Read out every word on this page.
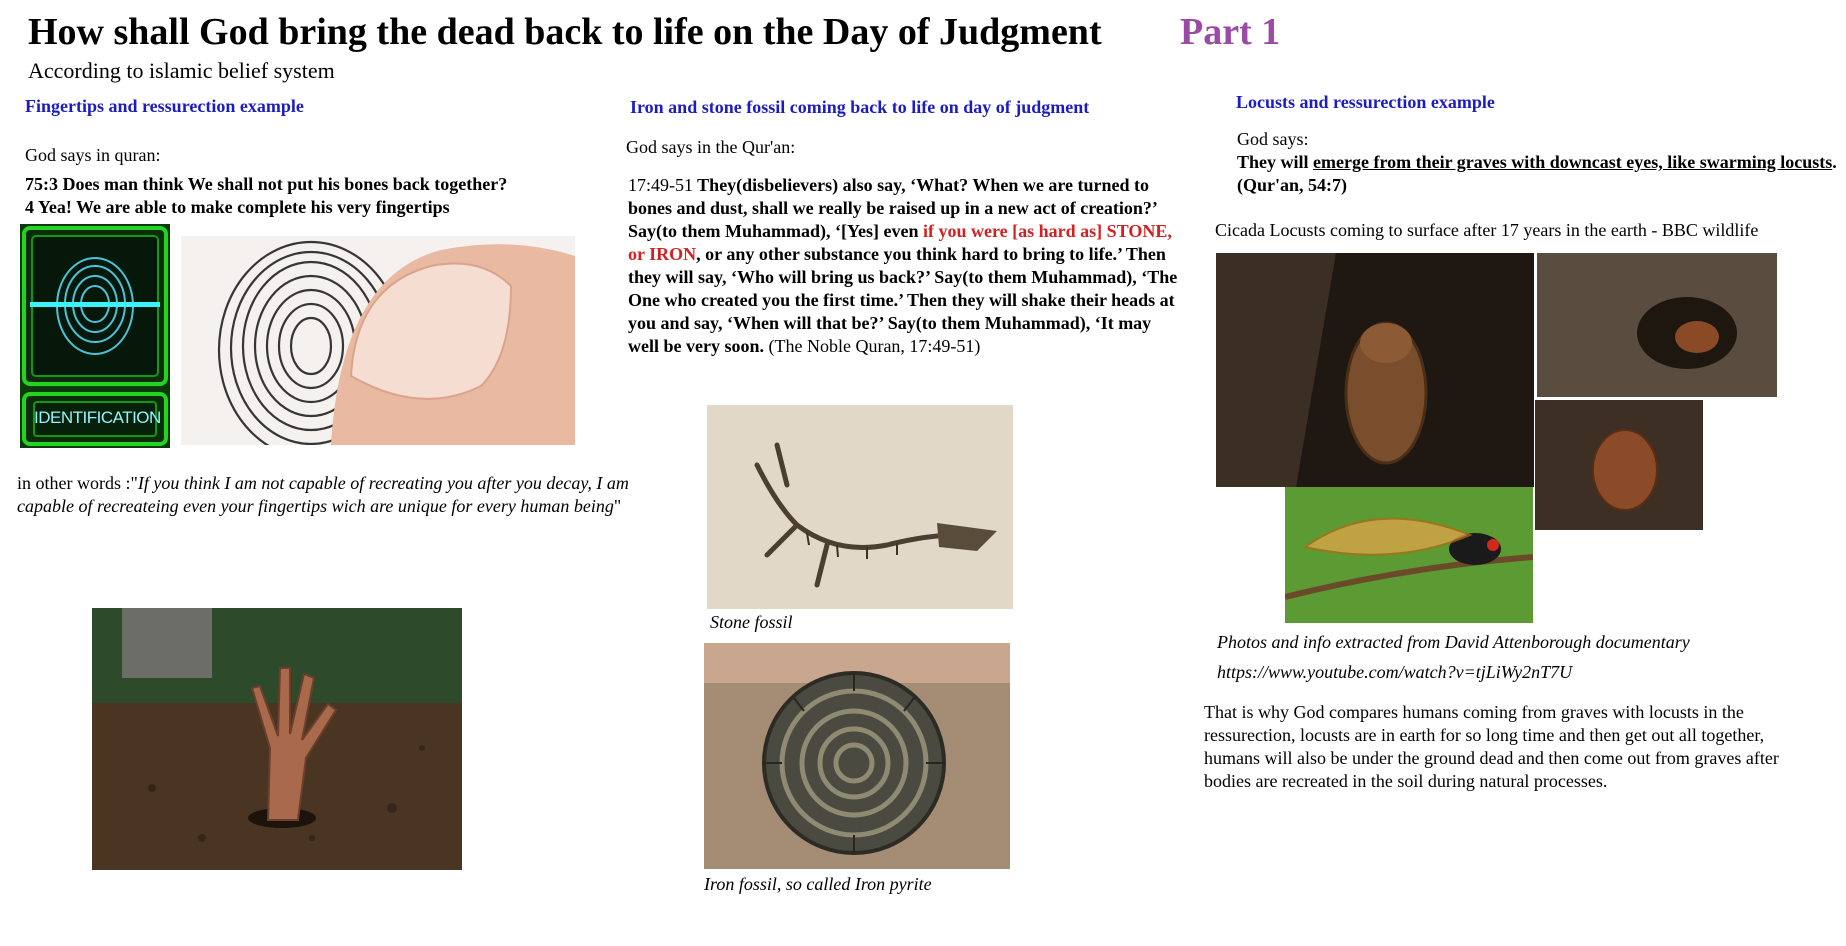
How shall God bring the dead back to life on the Day of Judgment Part 1
According to islamic belief system
Fingertips and ressurection example
God says in quran:
75:3 Does man think We shall not put his bones back together?
4 Yea! We are able to make complete his very fingertips
IDENTIFICATION
in other words :"If you think I am not capable of recreating you after you decay, I am capable of recreateing even your fingertips wich are unique for every human being"
Iron and stone fossil coming back to life on day of judgment
God says in the Qur'an:
17:49-51 They(disbelievers) also say, ‘What? When we are turned to bones and dust, shall we really be raised up in a new act of creation?’ Say(to them Muhammad), ‘[Yes] even if you were [as hard as] STONE, or IRON, or any other substance you think hard to bring to life.’ Then they will say, ‘Who will bring us back?’ Say(to them Muhammad), ‘The One who created you the first time.’ Then they will shake their heads at you and say, ‘When will that be?’ Say(to them Muhammad), ‘It may well be very soon. (The Noble Quran, 17:49-51)
Stone fossil
Iron fossil, so called Iron pyrite
Locusts and ressurection example
God says:
They will emerge from their graves with downcast eyes, like swarming locusts. (Qur'an, 54:7)
Cicada Locusts coming to surface after 17 years in the earth - BBC wildlife
Photos and info extracted from David Attenborough documentary
https://www.youtube.com/watch?v=tjLiWy2nT7U
That is why God compares humans coming from graves with locusts in the ressurection, locusts are in earth for so long time and then get out all together, humans will also be under the ground dead and then come out from graves after bodies are recreated in the soil during natural processes.
